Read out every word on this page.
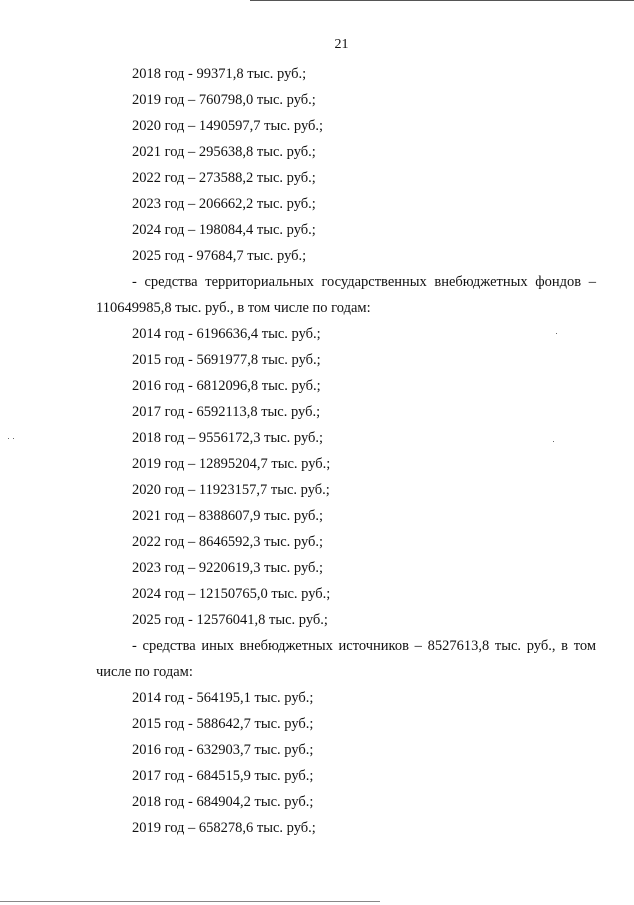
21
2018 год - 99371,8 тыс. руб.;
2019 год – 760798,0 тыс. руб.;
2020 год – 1490597,7 тыс. руб.;
2021 год – 295638,8 тыс. руб.;
2022 год – 273588,2 тыс. руб.;
2023 год – 206662,2 тыс. руб.;
2024 год – 198084,4 тыс. руб.;
2025 год - 97684,7 тыс. руб.;
- средства территориальных государственных внебюджетных фондов –
110649985,8 тыс. руб., в том числе по годам:
2014 год - 6196636,4 тыс. руб.;
2015 год - 5691977,8 тыс. руб.;
2016 год - 6812096,8 тыс. руб.;
2017 год - 6592113,8 тыс. руб.;
2018 год – 9556172,3 тыс. руб.;
2019 год – 12895204,7 тыс. руб.;
2020 год – 11923157,7 тыс. руб.;
2021 год – 8388607,9 тыс. руб.;
2022 год – 8646592,3 тыс. руб.;
2023 год – 9220619,3 тыс. руб.;
2024 год – 12150765,0 тыс. руб.;
2025 год - 12576041,8 тыс. руб.;
- средства иных внебюджетных источников – 8527613,8 тыс. руб., в том
числе по годам:
2014 год - 564195,1 тыс. руб.;
2015 год - 588642,7 тыс. руб.;
2016 год - 632903,7 тыс. руб.;
2017 год - 684515,9 тыс. руб.;
2018 год - 684904,2 тыс. руб.;
2019 год – 658278,6 тыс. руб.;
